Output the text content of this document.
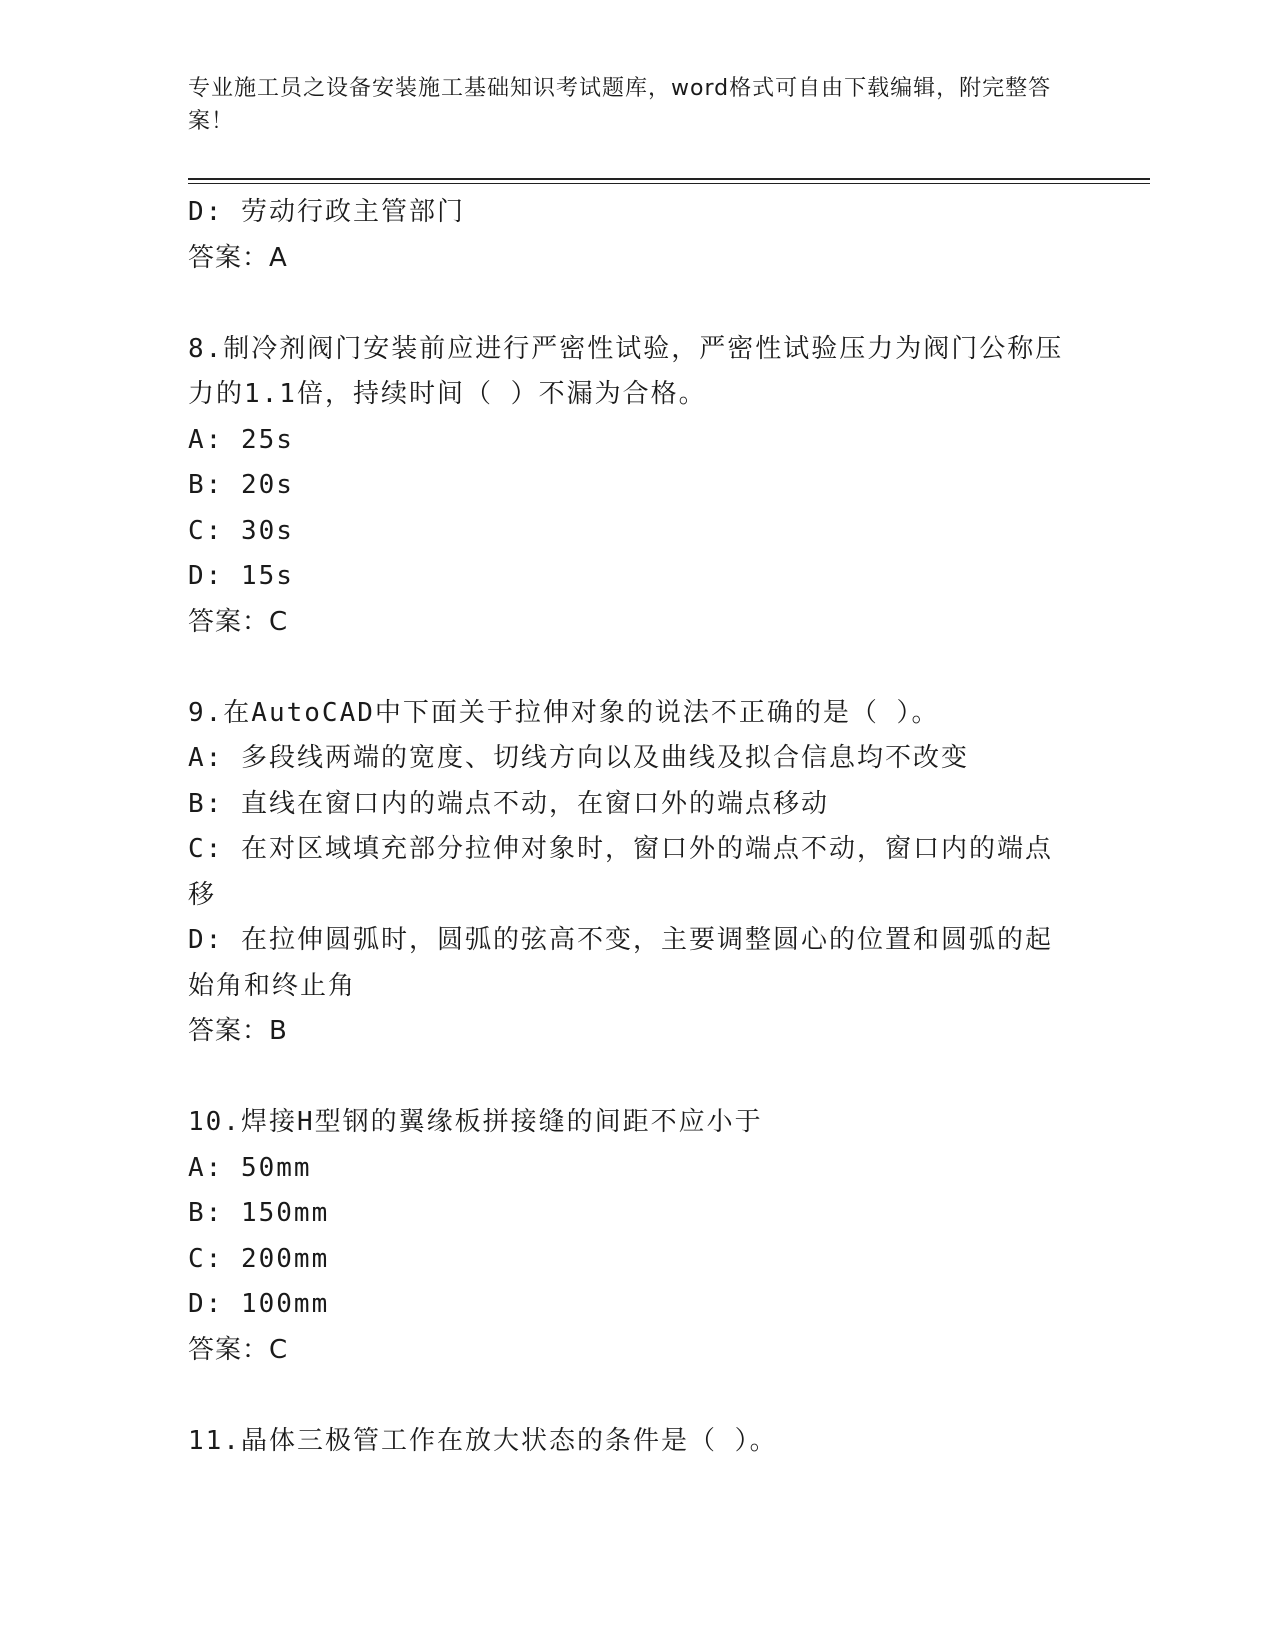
专业施工员之设备安装施工基础知识考试题库，word格式可自由下载编辑，附完整答案！
D: 劳动行政主管部门
答案：A
8.制冷剂阀门安装前应进行严密性试验，严密性试验压力为阀门公称压力的1.1倍，持续时间（ ）不漏为合格。
A: 25s
B: 20s
C: 30s
D: 15s
答案：C
9.在AutoCAD中下面关于拉伸对象的说法不正确的是（ ）。
A: 多段线两端的宽度、切线方向以及曲线及拟合信息均不改变
B: 直线在窗口内的端点不动，在窗口外的端点移动
C: 在对区域填充部分拉伸对象时，窗口外的端点不动，窗口内的端点移
D: 在拉伸圆弧时，圆弧的弦高不变，主要调整圆心的位置和圆弧的起始角和终止角
答案：B
10.焊接H型钢的翼缘板拼接缝的间距不应小于
A: 50mm
B: 150mm
C: 200mm
D: 100mm
答案：C
11.晶体三极管工作在放大状态的条件是（ ）。
